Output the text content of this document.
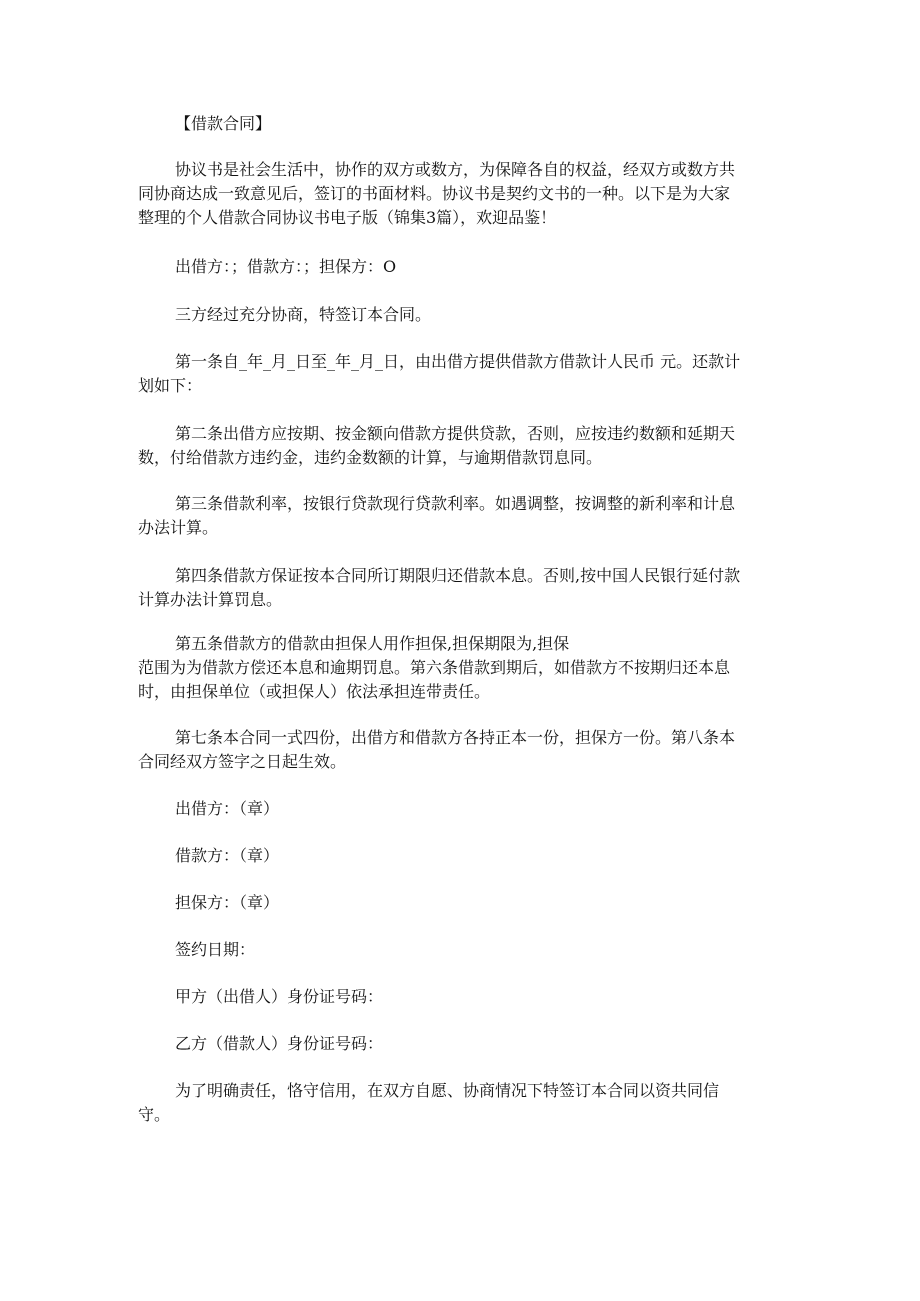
【借款合同】

协议书是社会生活中，协作的双方或数方，为保障各自的权益，经双方或数方共
同协商达成一致意见后，签订的书面材料。协议书是契约文书的一种。以下是为大家
整理的个人借款合同协议书电子版（锦集3篇），欢迎品鉴！

出借方：；借款方：；担保方：O

三方经过充分协商，特签订本合同。

第一条自_年_月_日至_年_月_日，由出借方提供借款方借款计人民币 元。还款计
划如下：

第二条出借方应按期、按金额向借款方提供贷款，否则，应按违约数额和延期天
数，付给借款方违约金，违约金数额的计算，与逾期借款罚息同。

第三条借款利率，按银行贷款现行贷款利率。如遇调整，按调整的新利率和计息
办法计算。

第四条借款方保证按本合同所订期限归还借款本息。否则,按中国人民银行延付款
计算办法计算罚息。

第五条借款方的借款由担保人用作担保,担保期限为,担保
范围为为借款方偿还本息和逾期罚息。第六条借款到期后，如借款方不按期归还本息
时，由担保单位（或担保人）依法承担连带责任。

第七条本合同一式四份，出借方和借款方各持正本一份，担保方一份。第八条本
合同经双方签字之日起生效。

出借方：（章）

借款方：（章）

担保方：（章）

签约日期：

甲方（出借人）身份证号码：

乙方（借款人）身份证号码：

为了明确责任，恪守信用，在双方自愿、协商情况下特签订本合同以资共同信
守。
